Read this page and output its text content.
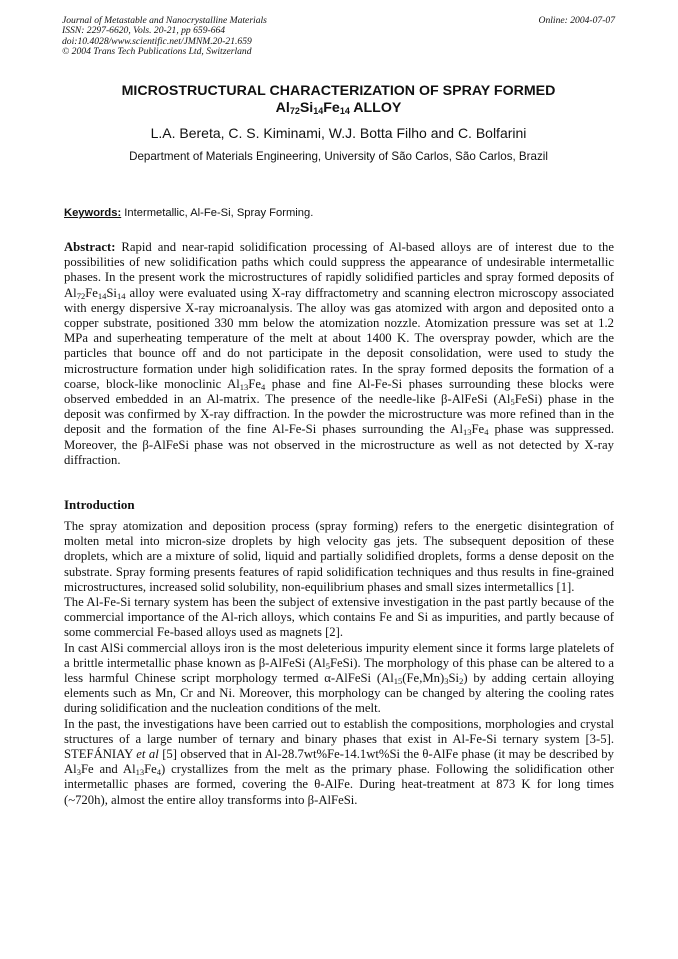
Journal of Metastable and Nanocrystalline Materials
ISSN: 2297-6620, Vols. 20-21, pp 659-664
doi:10.4028/www.scientific.net/JMNM.20-21.659
© 2004 Trans Tech Publications Ltd, Switzerland
Online: 2004-07-07
MICROSTRUCTURAL CHARACTERIZATION OF SPRAY FORMED
$Al_{72}Si_{14}Fe_{14}$ ALLOY
L.A. Bereta, C. S. Kiminami, W.J. Botta Filho and C. Bolfarini
Department of Materials Engineering, University of São Carlos, São Carlos, Brazil
Keywords: Intermetallic, Al-Fe-Si, Spray Forming.
Abstract: Rapid and near-rapid solidification processing of Al-based alloys are of interest due to the possibilities of new solidification paths which could suppress the appearance of undesirable intermetallic phases. In the present work the microstructures of rapidly solidified particles and spray formed deposits of $Al_{72}Fe_{14}Si_{14}$ alloy were evaluated using X-ray diffractometry and scanning electron microscopy associated with energy dispersive X-ray microanalysis. The alloy was gas atomized with argon and deposited onto a copper substrate, positioned 330 mm below the atomization nozzle. Atomization pressure was set at 1.2 MPa and superheating temperature of the melt at about 1400 K. The overspray powder, which are the particles that bounce off and do not participate in the deposit consolidation, were used to study the microstructure formation under high solidification rates. In the spray formed deposits the formation of a coarse, block-like monoclinic $Al_{13}Fe_4$ phase and fine Al-Fe-Si phases surrounding these blocks were observed embedded in an Al-matrix. The presence of the needle-like β-AlFeSi $(Al_5FeSi)$ phase in the deposit was confirmed by X-ray diffraction. In the powder the microstructure was more refined than in the deposit and the formation of the fine Al-Fe-Si phases surrounding the $Al_{13}Fe_4$ phase was suppressed. Moreover, the β-AlFeSi phase was not observed in the microstructure as well as not detected by X-ray diffraction.
Introduction

The spray atomization and deposition process (spray forming) refers to the energetic disintegration of molten metal into micron-size droplets by high velocity gas jets. The subsequent deposition of these droplets, which are a mixture of solid, liquid and partially solidified droplets, forms a dense deposit on the substrate. Spray forming presents features of rapid solidification techniques and thus results in fine-grained microstructures, increased solid solubility, non-equilibrium phases and small sizes intermetallics [1].

The Al-Fe-Si ternary system has been the subject of extensive investigation in the past partly because of the commercial importance of the Al-rich alloys, which contains Fe and Si as impurities, and partly because of some commercial Fe-based alloys used as magnets [2].

In cast AlSi commercial alloys iron is the most deleterious impurity element since it forms large platelets of a brittle intermetallic phase known as β-AlFeSi $(Al_5FeSi)$. The morphology of this phase can be altered to a less harmful Chinese script morphology termed α-AlFeSi $(Al_{15}(Fe,Mn)_3Si_2)$ by adding certain alloying elements such as Mn, Cr and Ni. Moreover, this morphology can be changed by altering the cooling rates during solidification and the nucleation conditions of the melt.

In the past, the investigations have been carried out to establish the compositions, morphologies and crystal structures of a large number of ternary and binary phases that exist in Al-Fe-Si ternary system [3-5]. STEFÁNIAY et al [5] observed that in Al-28.7wt%Fe-14.1wt%Si the θ-AlFe phase (it may be described by $Al_3Fe$ and $Al_{13}Fe_4$) crystallizes from the melt as the primary phase. Following the solidification other intermetallic phases are formed, covering the θ-AlFe. During heat-treatment at 873 K for long times (~720h), almost the entire alloy transforms into β-AlFeSi.
